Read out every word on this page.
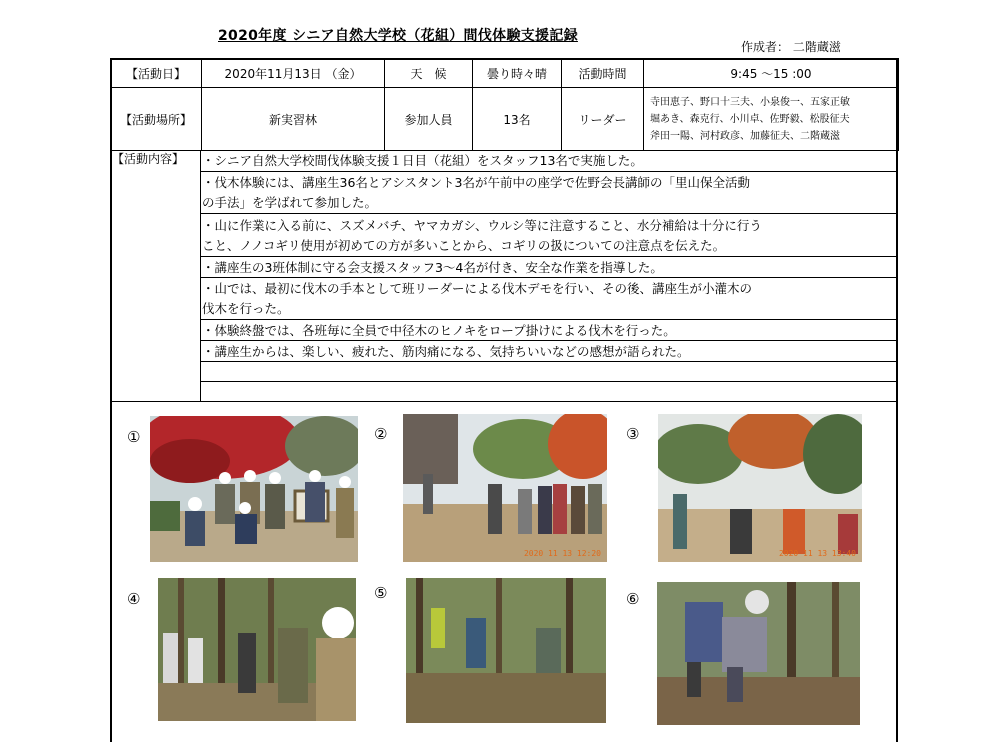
2020年度 シニア自然大学校（花組）間伐体験支援記録
作成者： 二階蔵滋
【活動日】	2020年11月13日 （金）	天　候	曇り時々晴	活動時間	9:45 〜15 :00
【活動場所】	新実習林	参加人員	13名	リーダー	寺田恵子、野口十三夫、小泉俊一、五家正敏
堀あき、森克行、小川卓、佐野毅、松股征夫
斧田一陽、河村政彦、加藤征夫、二階蔵滋
【活動内容】 ・シニア自然大学校間伐体験支援１日目（花組）をスタッフ13名で実施した。
・伐木体験には、講座生36名とアシスタント3名が午前中の座学で佐野会長講師の「里山保全活動
の手法」を学ばれて参加した。
・山に作業に入る前に、スズメバチ、ヤマカガシ、ウルシ等に注意すること、水分補給は十分に行う
こと、ノノコギリ使用が初めての方が多いことから、コギリの扱についての注意点を伝えた。
・講座生の3班体制に守る会支援スタッフ3〜4名が付き、安全な作業を指導した。
・山では、最初に伐木の手本として班リーダーによる伐木デモを行い、その後、講座生が小灌木の
伐木を行った。
・体験終盤では、各班毎に全員で中径木のヒノキをロープ掛けによる伐木を行った。
・講座生からは、楽しい、疲れた、筋肉痛になる、気持ちいいなどの感想が語られた。
①	②
2020 11 13 12:20
③
2020 11 13 13:40
④	⑤	⑥
